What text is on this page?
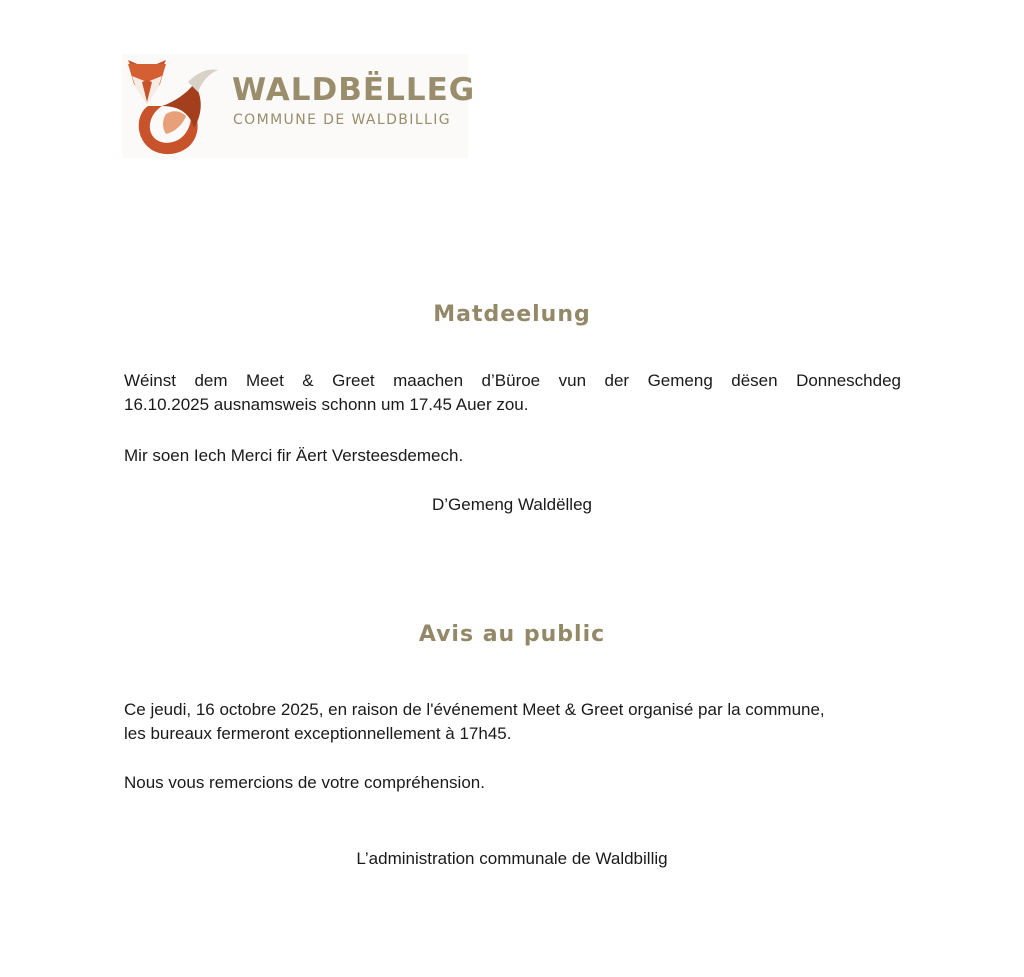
WALDBËLLEG
COMMUNE DE WALDBILLIG
Matdeelung
Wéinst dem Meet & Greet maachen d’Büroe vun der Gemeng dësen Donneschdeg
16.10.2025 ausnamsweis schonn um 17.45 Auer zou.
Mir soen Iech Merci fir Äert Versteesdemech.
D’Gemeng Waldëlleg
Avis au public
Ce jeudi, 16 octobre 2025, en raison de l'événement Meet & Greet organisé par la commune,
les bureaux fermeront exceptionnellement à 17h45.
Nous vous remercions de votre compréhension.
L’administration communale de Waldbillig
